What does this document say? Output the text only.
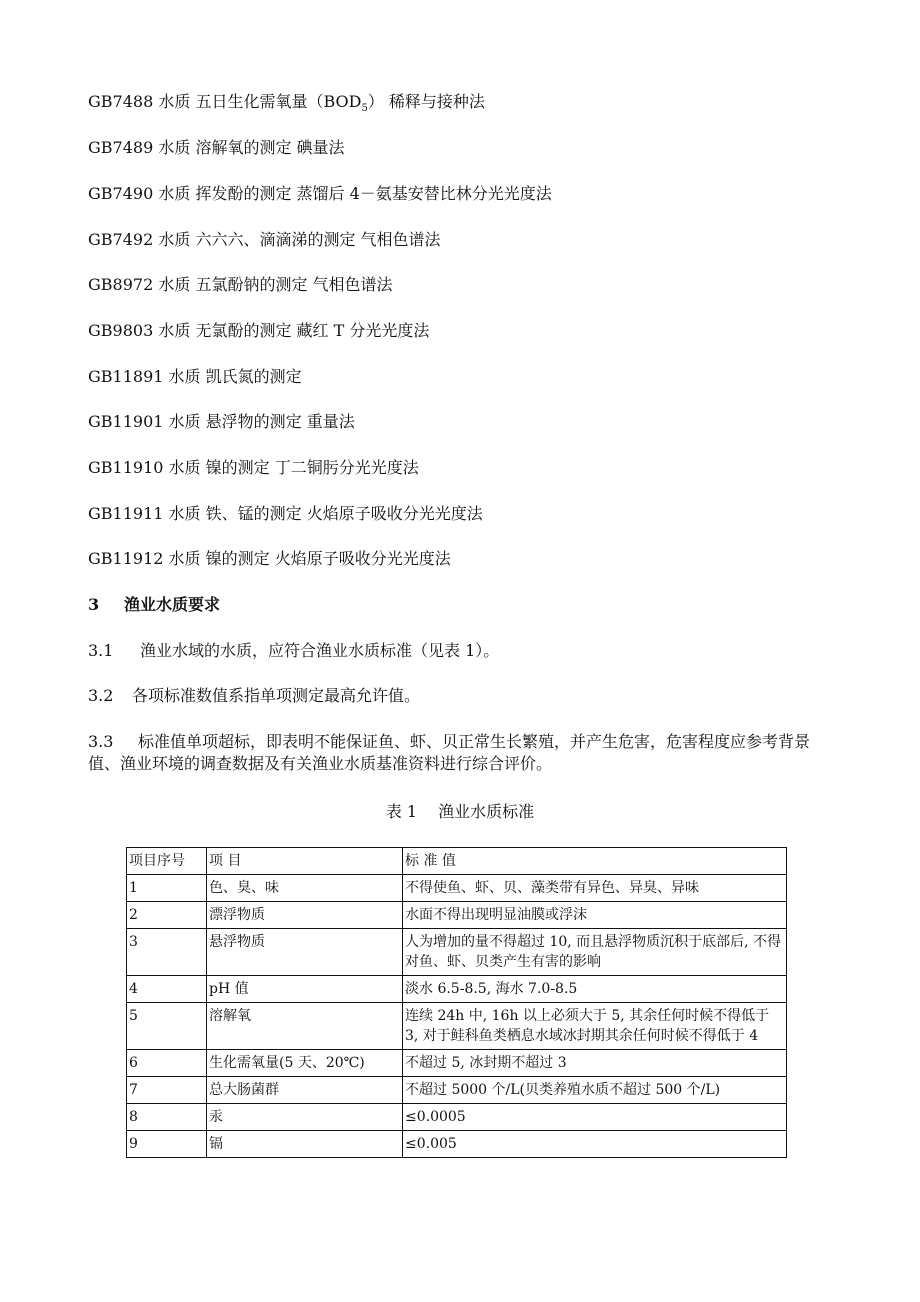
GB7488 水质 五日生化需氧量$(BOD_5)$ 稀释与接种法

GB7489 水质 溶解氧的测定 碘量法

GB7490 水质 挥发酚的测定 蒸馏后 4－氨基安替比林分光光度法

GB7492 水质 六六六、滴滴涕的测定 气相色谱法

GB8972 水质 五氯酚钠的测定 气相色谱法

GB9803 水质 无氯酚的测定 藏红 T 分光光度法

GB11891 水质 凯氏氮的测定

GB11901 水质 悬浮物的测定 重量法

GB11910 水质 镍的测定 丁二铜肟分光光度法

GB11911 水质 铁、锰的测定 火焰原子吸收分光光度法

GB11912 水质 镍的测定 火焰原子吸收分光光度法

3 渔业水质要求

3.1 渔业水域的水质，应符合渔业水质标准（见表 1）。

3.2 各项标准数值系指单项测定最高允许值。

3.3 标准值单项超标，即表明不能保证鱼、虾、贝正常生长繁殖，并产生危害，危害程度应参考背景值、渔业环境的调查数据及有关渔业水质基准资料进行综合评价。

表 1　 渔业水质标准

项目序号	项 目	标 准 值
1	色、臭、味	不得使鱼、虾、贝、藻类带有异色、异臭、异味
2	漂浮物质	水面不得出现明显油膜或浮沫
3	悬浮物质	人为增加的量不得超过 10, 而且悬浮物质沉积于底部后, 不得对鱼、虾、贝类产生有害的影响
4	pH 值	淡水 6.5-8.5, 海水 7.0-8.5
5	溶解氧	连续 24h 中, 16h 以上必须大于 5, 其余任何时候不得低于 3, 对于鲑科鱼类栖息水域冰封期其余任何时候不得低于 4
6	生化需氧量(5 天、20℃)	不超过 5, 冰封期不超过 3
7	总大肠菌群	不超过 5000 个/L(贝类养殖水质不超过 500 个/L)
8	汞	≤0.0005
9	镉	≤0.005
